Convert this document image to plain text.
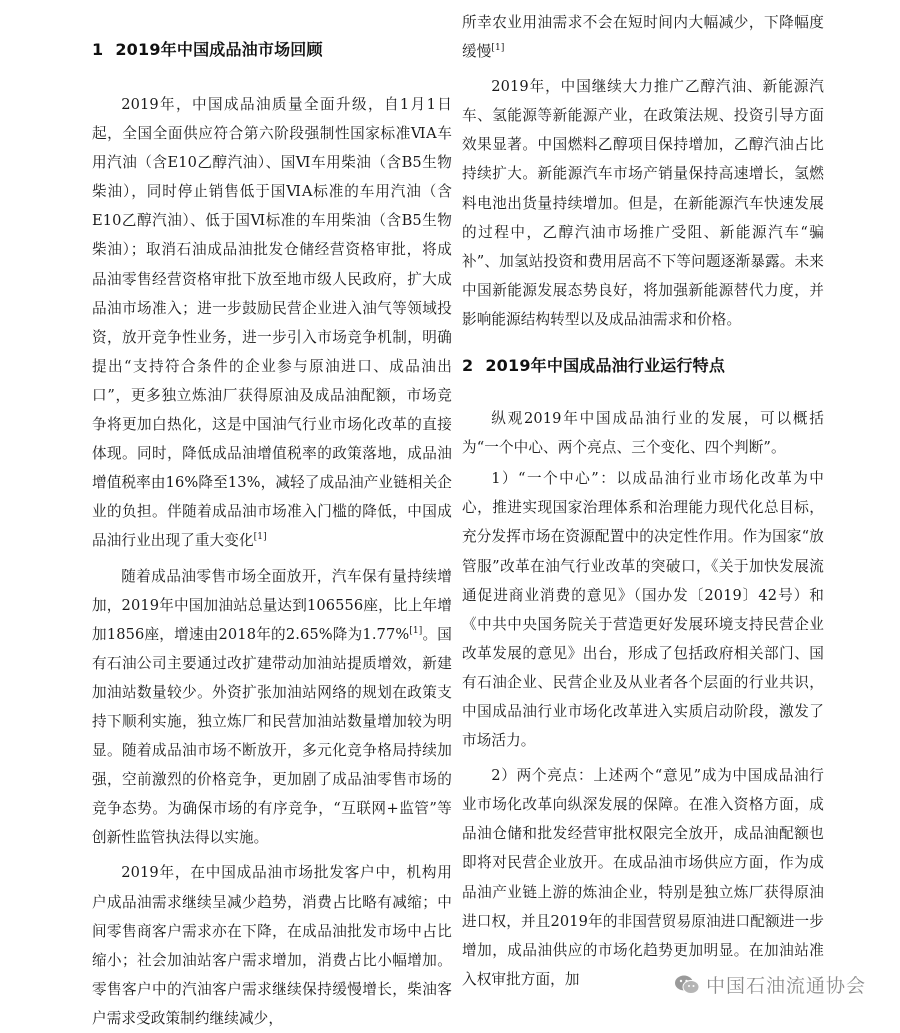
1 2019年中国成品油市场回顾

2019年，中国成品油质量全面升级，自1月1日起，全国全面供应符合第六阶段强制性国家标准ⅥA车用汽油（含E10乙醇汽油）、国Ⅵ车用柴油（含B5生物柴油），同时停止销售低于国ⅥA标准的车用汽油（含E10乙醇汽油）、低于国Ⅵ标准的车用柴油（含B5生物柴油）；取消石油成品油批发仓储经营资格审批，将成品油零售经营资格审批下放至地市级人民政府，扩大成品油市场准入；进一步鼓励民营企业进入油气等领域投资，放开竞争性业务，进一步引入市场竞争机制，明确提出“支持符合条件的企业参与原油进口、成品油出口”，更多独立炼油厂获得原油及成品油配额，市场竞争将更加白热化，这是中国油气行业市场化改革的直接体现。同时，降低成品油增值税率的政策落地，成品油增值税率由16%降至13%，减轻了成品油产业链相关企业的负担。伴随着成品油市场准入门槛的降低，中国成品油行业出现了重大变化[1]

随着成品油零售市场全面放开，汽车保有量持续增加，2019年中国加油站总量达到106556座，比上年增加1856座，增速由2018年的2.65%降为1.77%[1]。国有石油公司主要通过改扩建带动加油站提质增效，新建加油站数量较少。外资扩张加油站网络的规划在政策支持下顺利实施，独立炼厂和民营加油站数量增加较为明显。随着成品油市场不断放开，多元化竞争格局持续加强，空前激烈的价格竞争，更加剧了成品油零售市场的竞争态势。为确保市场的有序竞争，“互联网+监管”等创新性监管执法得以实施。

2019年，在中国成品油市场批发客户中，机构用户成品油需求继续呈减少趋势，消费占比略有减缩；中间零售商客户需求亦在下降，在成品油批发市场中占比缩小；社会加油站客户需求增加，消费占比小幅增加。零售客户中的汽油客户需求继续保持缓慢增长，柴油客户需求受政策制约继续减少，

所幸农业用油需求不会在短时间内大幅减少，下降幅度缓慢[1]

2019年，中国继续大力推广乙醇汽油、新能源汽车、氢能源等新能源产业，在政策法规、投资引导方面效果显著。中国燃料乙醇项目保持增加，乙醇汽油占比持续扩大。新能源汽车市场产销量保持高速增长，氢燃料电池出货量持续增加。但是，在新能源汽车快速发展的过程中，乙醇汽油市场推广受阻、新能源汽车“骗补”、加氢站投资和费用居高不下等问题逐渐暴露。未来中国新能源发展态势良好，将加强新能源替代力度，并影响能源结构转型以及成品油需求和价格。

2 2019年中国成品油行业运行特点

纵观2019年中国成品油行业的发展，可以概括为“一个中心、两个亮点、三个变化、四个判断”。

1）“一个中心”：以成品油行业市场化改革为中心，推进实现国家治理体系和治理能力现代化总目标，充分发挥市场在资源配置中的决定性作用。作为国家“放管服”改革在油气行业改革的突破口，《关于加快发展流通促进商业消费的意见》（国办发〔2019〕42号）和《中共中央国务院关于营造更好发展环境支持民营企业改革发展的意见》出台，形成了包括政府相关部门、国有石油企业、民营企业及从业者各个层面的行业共识，中国成品油行业市场化改革进入实质启动阶段，激发了市场活力。

2）两个亮点：上述两个“意见”成为中国成品油行业市场化改革向纵深发展的保障。在准入资格方面，成品油仓储和批发经营审批权限完全放开，成品油配额也即将对民营企业放开。在成品油市场供应方面，作为成品油产业链上游的炼油企业，特别是独立炼厂获得原油进口权，并且2019年的非国营贸易原油进口配额进一步增加，成品油供应的市场化趋势更加明显。在加油站准入权审批方面，加	中国石油流通协会
